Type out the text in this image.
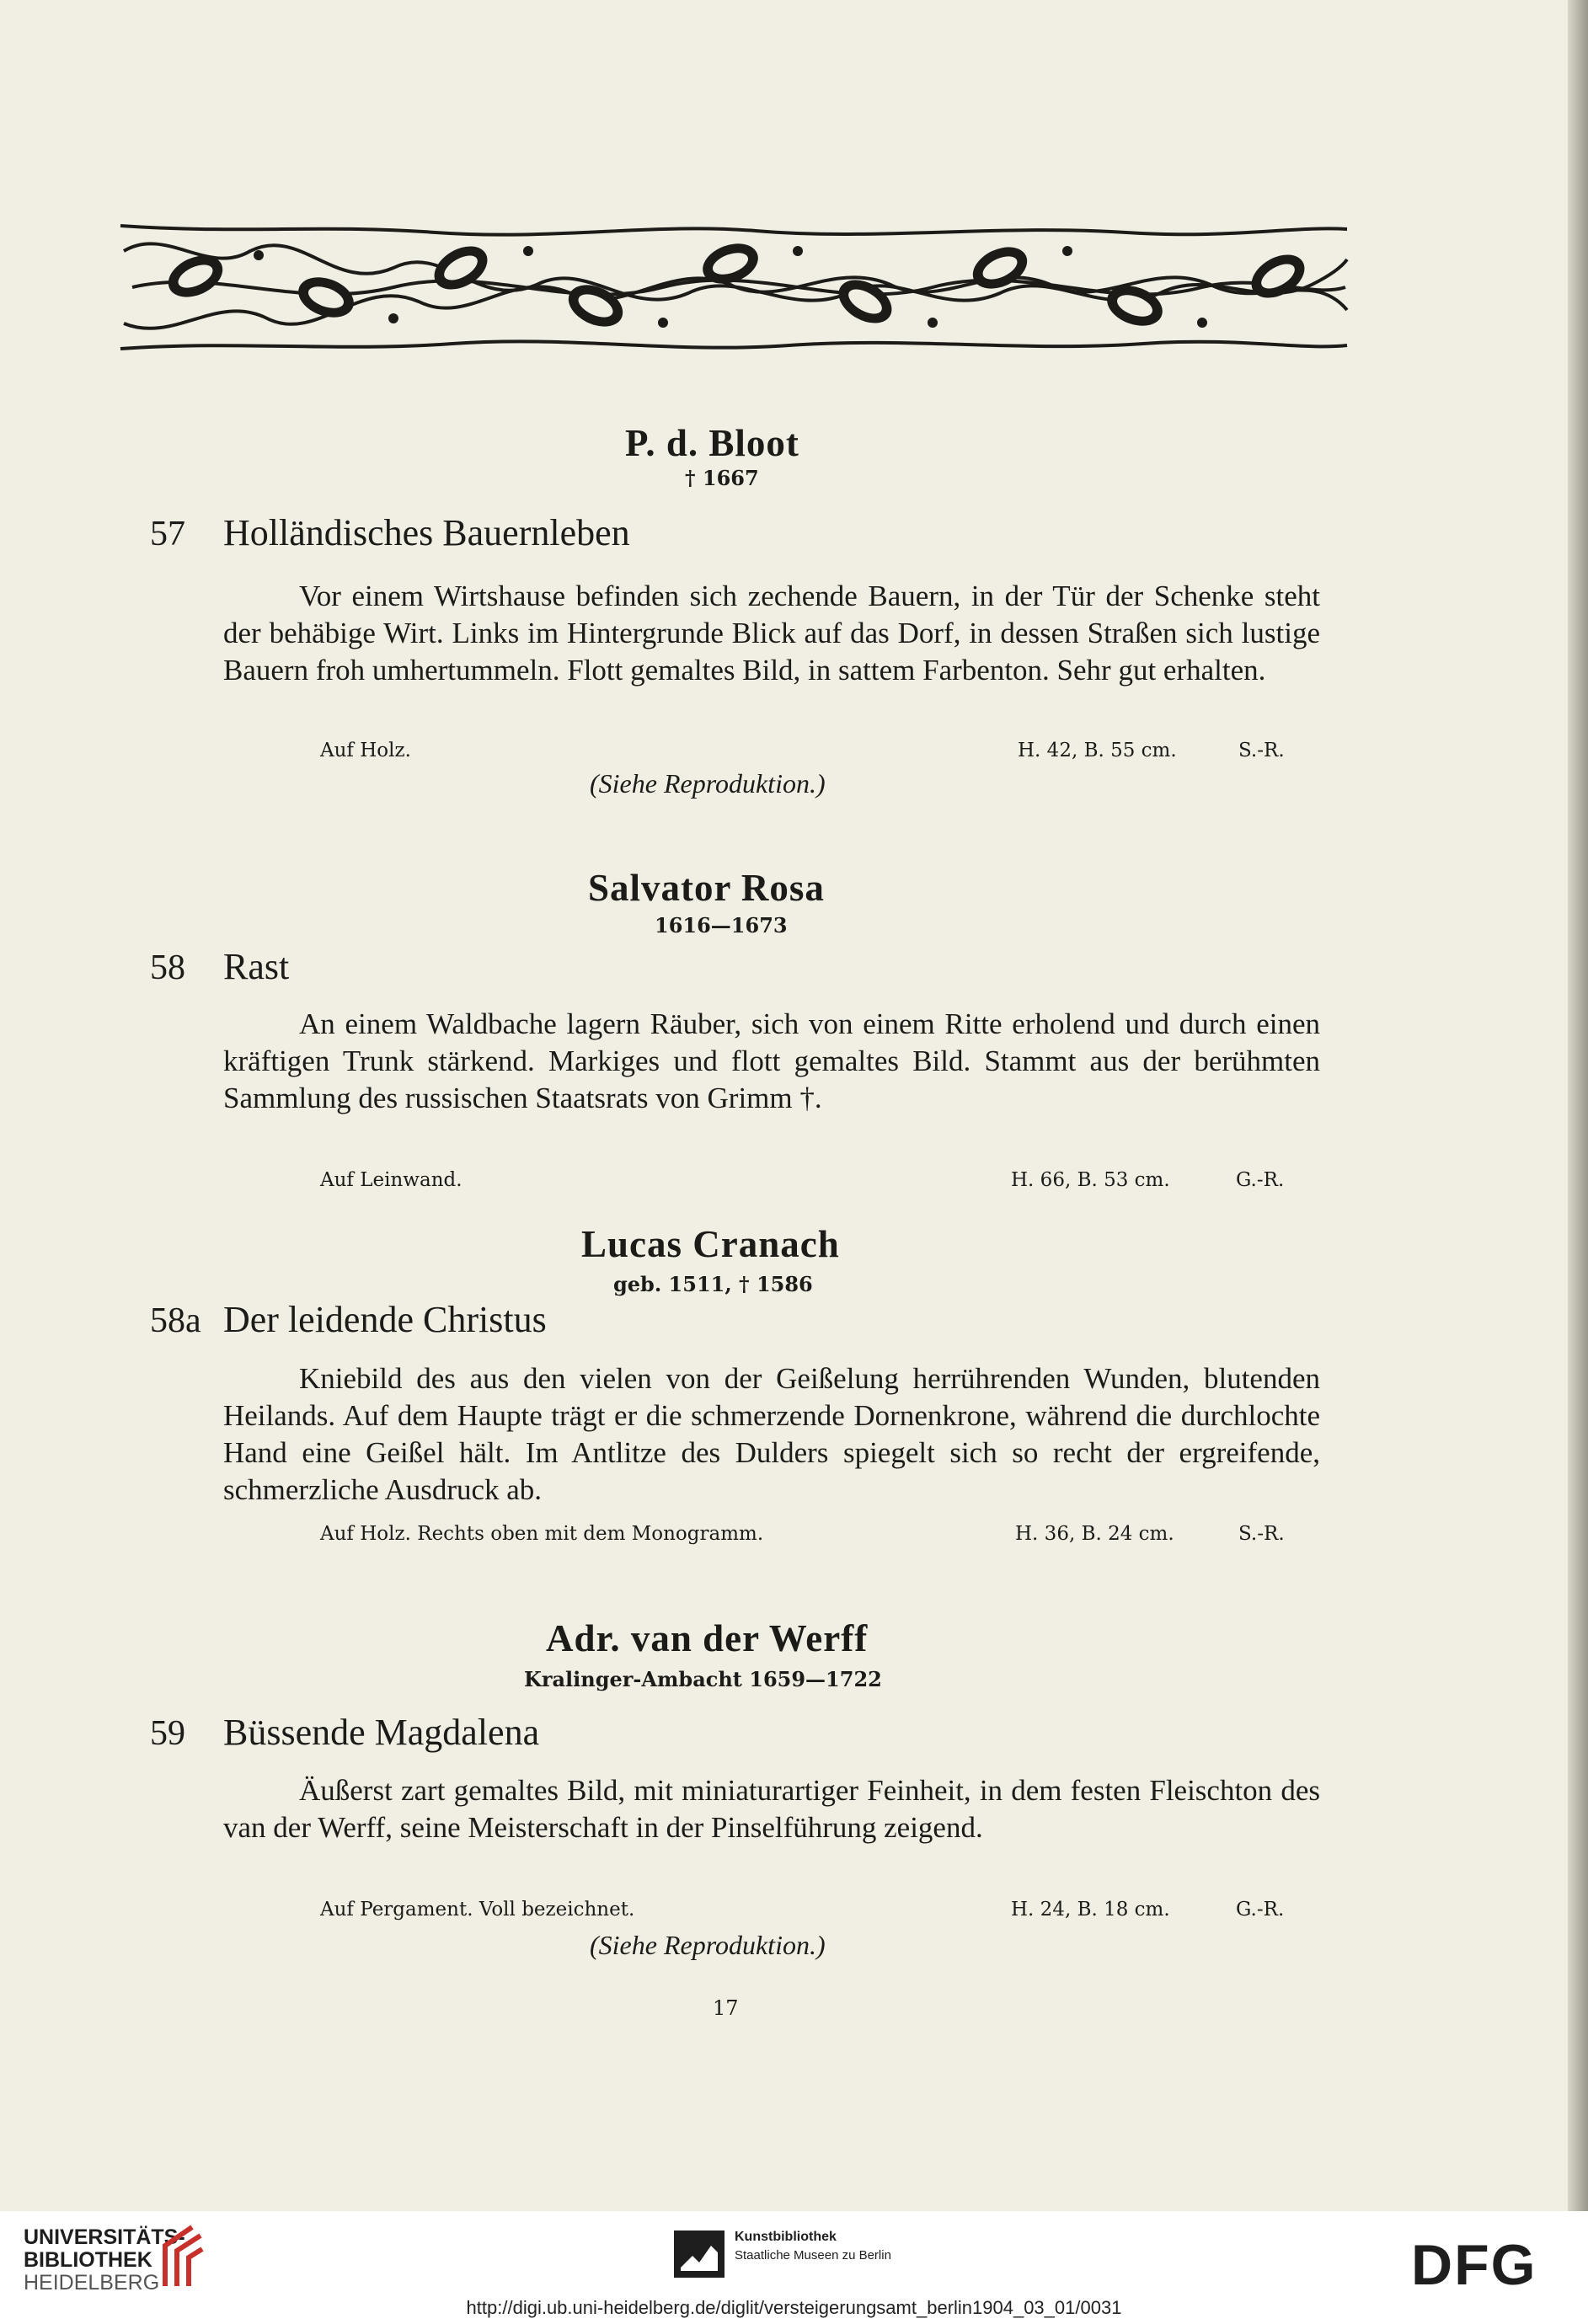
P. d. Bloot
† 1667
57 Holländisches Bauernleben

Vor einem Wirtshause befinden sich zechende Bauern, in der Tür der Schenke steht der behäbige Wirt. Links im Hintergrunde Blick auf das Dorf, in dessen Straßen sich lustige Bauern froh umhertummeln. Flott gemaltes Bild, in sattem Farbenton. Sehr gut erhalten.

Auf Holz.	H. 42, B. 55 cm.	S.-R.
(Siehe Reproduktion.)
Salvator Rosa
1616—1673
58 Rast

An einem Waldbache lagern Räuber, sich von einem Ritte erholend und durch einen kräftigen Trunk stärkend. Markiges und flott gemaltes Bild. Stammt aus der berühmten Sammlung des russischen Staatsrats von Grimm †.

Auf Leinwand.	H. 66, B. 53 cm.	G.-R.
Lucas Cranach
geb. 1511, † 1586
58a Der leidende Christus

Kniebild des aus den vielen von der Geißelung herrührenden Wunden, blutenden Heilands. Auf dem Haupte trägt er die schmerzende Dornenkrone, während die durchlochte Hand eine Geißel hält. Im Antlitze des Dulders spiegelt sich so recht der ergreifende, schmerzliche Ausdruck ab.

Auf Holz. Rechts oben mit dem Monogramm.	H. 36, B. 24 cm.	S.-R.
Adr. van der Werff
Kralinger-Ambacht 1659—1722
59 Büssende Magdalena

Äußerst zart gemaltes Bild, mit miniaturartiger Feinheit, in dem festen Fleischton des van der Werff, seine Meisterschaft in der Pinselführung zeigend.

Auf Pergament. Voll bezeichnet.	H. 24, B. 18 cm.	G.-R.
(Siehe Reproduktion.)
17
UNIVERSITÄTS-
BIBLIOTHEK
HEIDELBERG
Kunstbibliothek
Staatliche Museen zu Berlin	DFG
http://digi.ub.uni-heidelberg.de/diglit/versteigerungsamt_berlin1904_03_01/0031
